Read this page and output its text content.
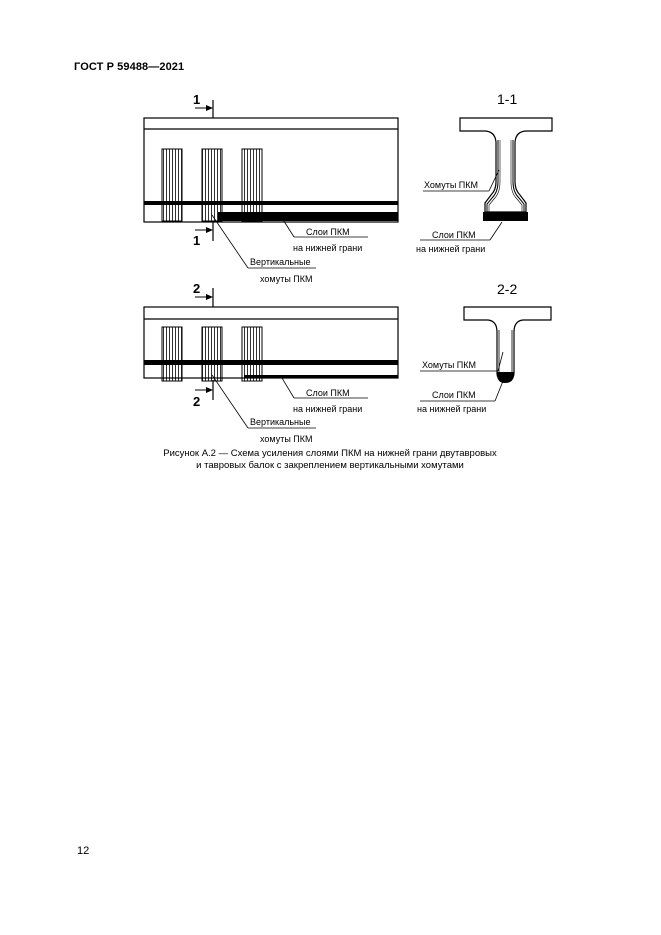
ГОСТ Р 59488—2021
1
1
Вертикальные
хомуты ПКМ
Слои ПКМ
на нижней грани
1-1
Хомуты ПКМ
Слои ПКМ
на нижней грани
2
2
Вертикальные
хомуты ПКМ
Слои ПКМ
на нижней грани
2-2
Хомуты ПКМ
Слои ПКМ
на нижней грани
Рисунок А.2 — Схема усиления слоями ПКМ на нижней грани двутавровых
и тавровых балок с закреплением вертикальными хомутами
12
